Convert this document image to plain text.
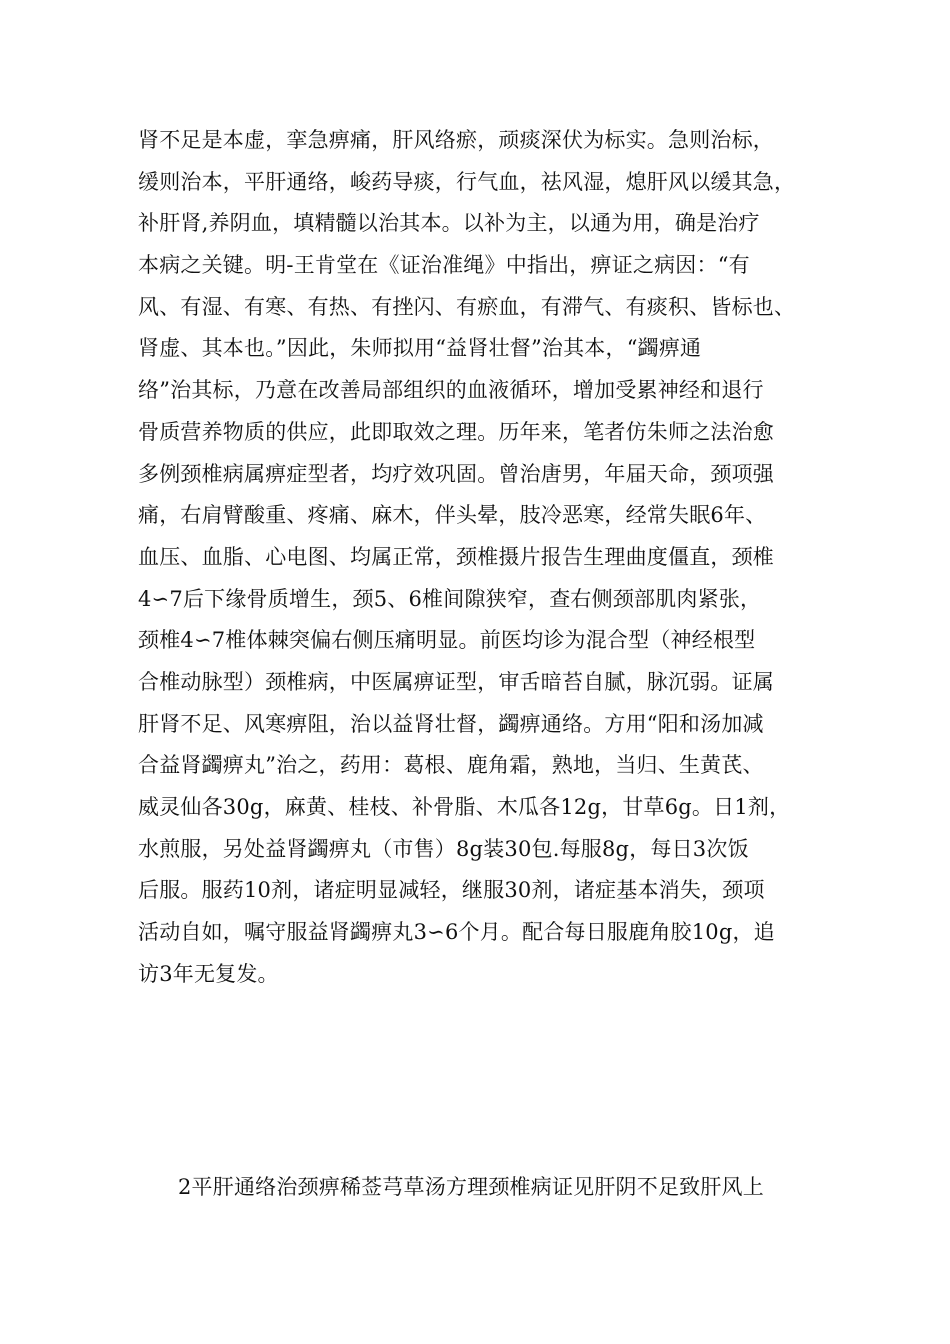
肾不足是本虚，挛急痹痛，肝风络瘀，顽痰深伏为标实。急则治标，
缓则治本，平肝通络，峻药导痰，行气血，祛风湿，熄肝风以缓其急，
补肝肾,养阴血，填精髓以治其本。以补为主，以通为用，确是治疗
本病之关键。明-王肯堂在《证治准绳》中指出，痹证之病因：“有
风、有湿、有寒、有热、有挫闪、有瘀血，有滞气、有痰积、皆标也、
肾虚、其本也。”因此，朱师拟用“益肾壮督”治其本，“蠲痹通
络”治其标，乃意在改善局部组织的血液循环，增加受累神经和退行
骨质营养物质的供应，此即取效之理。历年来，笔者仿朱师之法治愈
多例颈椎病属痹症型者，均疗效巩固。曾治唐男，年届天命，颈项强
痛，右肩臂酸重、疼痛、麻木，伴头晕，肢冷恶寒，经常失眠6年、
血压、血脂、心电图、均属正常，颈椎摄片报告生理曲度僵直，颈椎
4∽7后下缘骨质增生，颈5、6椎间隙狭窄，查右侧颈部肌肉紧张，
颈椎4∽7椎体棘突偏右侧压痛明显。前医均诊为混合型（神经根型
合椎动脉型）颈椎病，中医属痹证型，审舌暗苔自腻，脉沉弱。证属
肝肾不足、风寒痹阻，治以益肾壮督，蠲痹通络。方用“阳和汤加减
合益肾蠲痹丸”治之，药用：葛根、鹿角霜，熟地，当归、生黄芪、
威灵仙各30g，麻黄、桂枝、补骨脂、木瓜各12g，甘草6g。日1剂，
水煎服，另处益肾蠲痹丸（市售）8g装30包.每服8g，每日3次饭
后服。服药10剂，诸症明显减轻，继服30剂，诸症基本消失，颈项
活动自如，嘱守服益肾蠲痹丸3∽6个月。配合每日服鹿角胶10g，追
访3年无复发。
2平肝通络治颈痹稀莶芎草汤方理颈椎病证见肝阴不足致肝风上
